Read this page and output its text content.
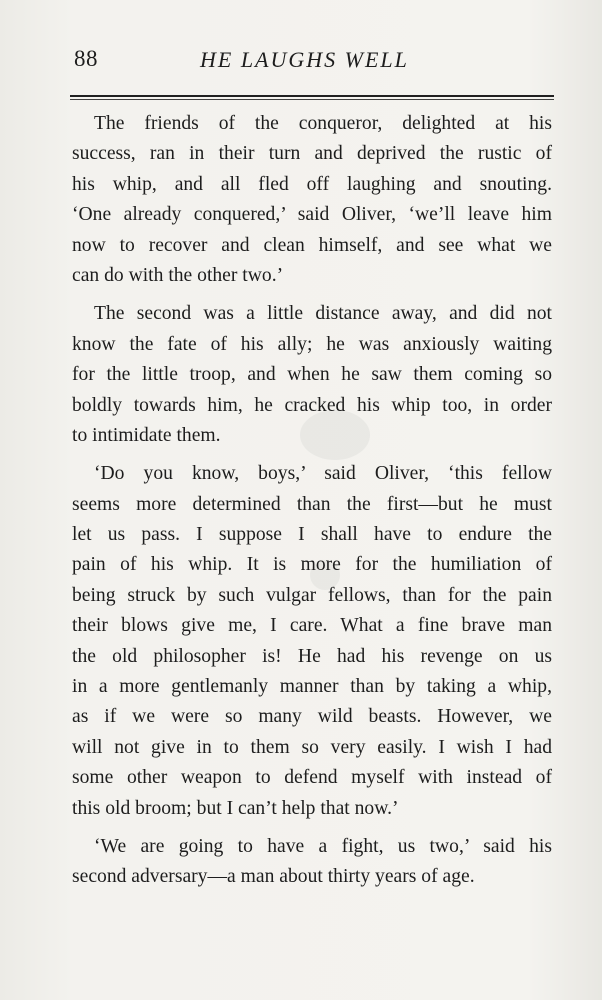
88	HE LAUGHS WELL
The friends of the conqueror, delighted at his
success, ran in their turn and deprived the rustic of
his whip, and all fled off laughing and snouting.
‘One already conquered,’ said Oliver, ‘we’ll leave him
now to recover and clean himself, and see what we
can do with the other two.’
The second was a little distance away, and did not
know the fate of his ally; he was anxiously waiting
for the little troop, and when he saw them coming so
boldly towards him, he cracked his whip too, in order
to intimidate them.
‘Do you know, boys,’ said Oliver, ‘this fellow
seems more determined than the first—but he must
let us pass. I suppose I shall have to endure the
pain of his whip. It is more for the humiliation of
being struck by such vulgar fellows, than for the pain
their blows give me, I care. What a fine brave man
the old philosopher is! He had his revenge on us
in a more gentlemanly manner than by taking a whip,
as if we were so many wild beasts. However, we
will not give in to them so very easily. I wish I had
some other weapon to defend myself with instead of
this old broom; but I can’t help that now.’
‘We are going to have a fight, us two,’ said his
second adversary—a man about thirty years of age.
